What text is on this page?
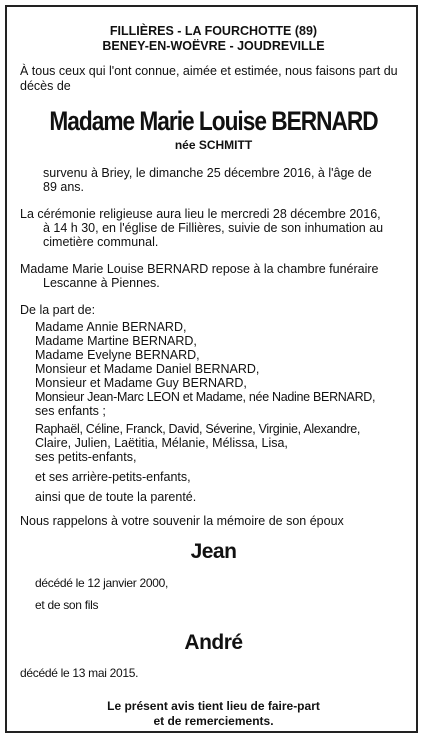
FILLIÈRES - LA FOURCHOTTE (89)

BENEY-EN-WOËVRE - JOUDREVILLE

À tous ceux qui l'ont connue, aimée et estimée, nous faisons part du

décès de

Madame Marie Louise BERNARD

née SCHMITT

survenu à Briey, le dimanche 25 décembre 2016, à l'âge de

89 ans.

La cérémonie religieuse aura lieu le mercredi 28 décembre 2016,

à 14 h 30, en l'église de Fillières, suivie de son inhumation au

cimetière communal.

Madame Marie Louise BERNARD repose à la chambre funéraire

Lescanne à Piennes.

De la part de:

Madame Annie BERNARD,

Madame Martine BERNARD,

Madame Evelyne BERNARD,

Monsieur et Madame Daniel BERNARD,

Monsieur et Madame Guy BERNARD,

Monsieur Jean-Marc LEON et Madame, née Nadine BERNARD,

ses enfants ;

Raphaël, Céline, Franck, David, Séverine, Virginie, Alexandre,

Claire, Julien, Laëtitia, Mélanie, Mélissa, Lisa,

ses petits-enfants,

et ses arrière-petits-enfants,

ainsi que de toute la parenté.

Nous rappelons à votre souvenir la mémoire de son époux

Jean

décédé le 12 janvier 2000,

et de son fils

André

décédé le 13 mai 2015.

Le présent avis tient lieu de faire-part

et de remerciements.
